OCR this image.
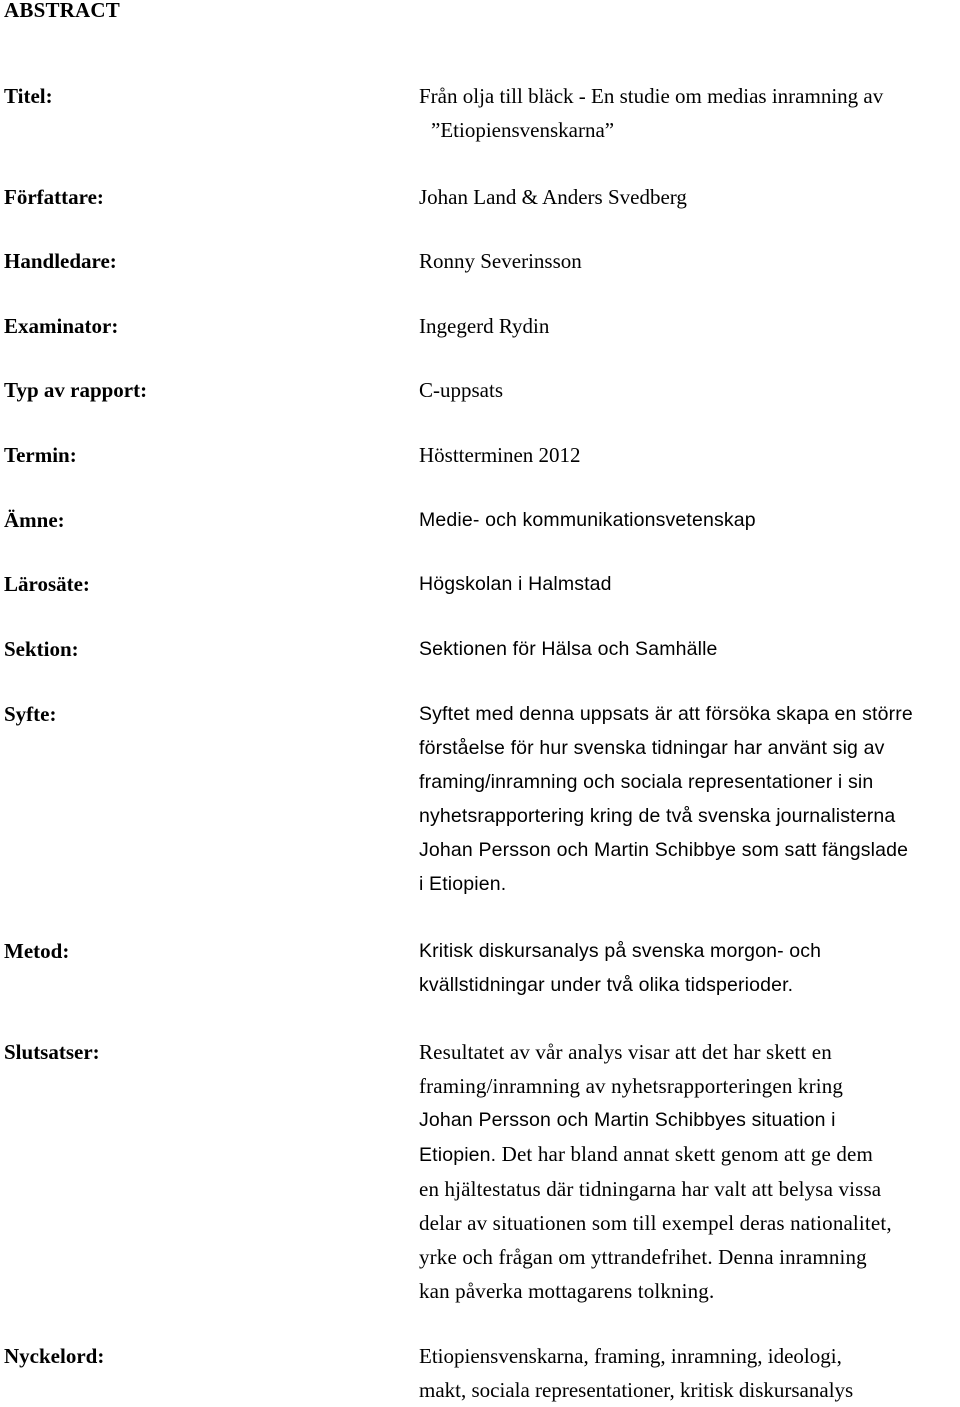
ABSTRACT
Titel:	Från olja till bläck - En studie om medias inramning av
”Etiopiensvenskarna”
Författare:	Johan Land & Anders Svedberg
Handledare:	Ronny Severinsson
Examinator:	Ingegerd Rydin
Typ av rapport:	C-uppsats
Termin:	Höstterminen 2012
Ämne:	Medie- och kommunikationsvetenskap
Lärosäte:	Högskolan i Halmstad
Sektion:	Sektionen för Hälsa och Samhälle
Syfte:	Syftet med denna uppsats är att försöka skapa en större
förståelse för hur svenska tidningar har använt sig av
framing/inramning och sociala representationer i sin
nyhetsrapportering kring de två svenska journalisterna
Johan Persson och Martin Schibbye som satt fängslade
i Etiopien.
Metod:	Kritisk diskursanalys på svenska morgon- och
kvällstidningar under två olika tidsperioder.
Slutsatser:	Resultatet av vår analys visar att det har skett en
framing/inramning av nyhetsrapporteringen kring
Johan Persson och Martin Schibbyes situation i
Etiopien. Det har bland annat skett genom att ge dem
en hjältestatus där tidningarna har valt att belysa vissa
delar av situationen som till exempel deras nationalitet,
yrke och frågan om yttrandefrihet. Denna inramning
kan påverka mottagarens tolkning.
Nyckelord:	Etiopiensvenskarna, framing, inramning, ideologi,
makt, sociala representationer, kritisk diskursanalys
